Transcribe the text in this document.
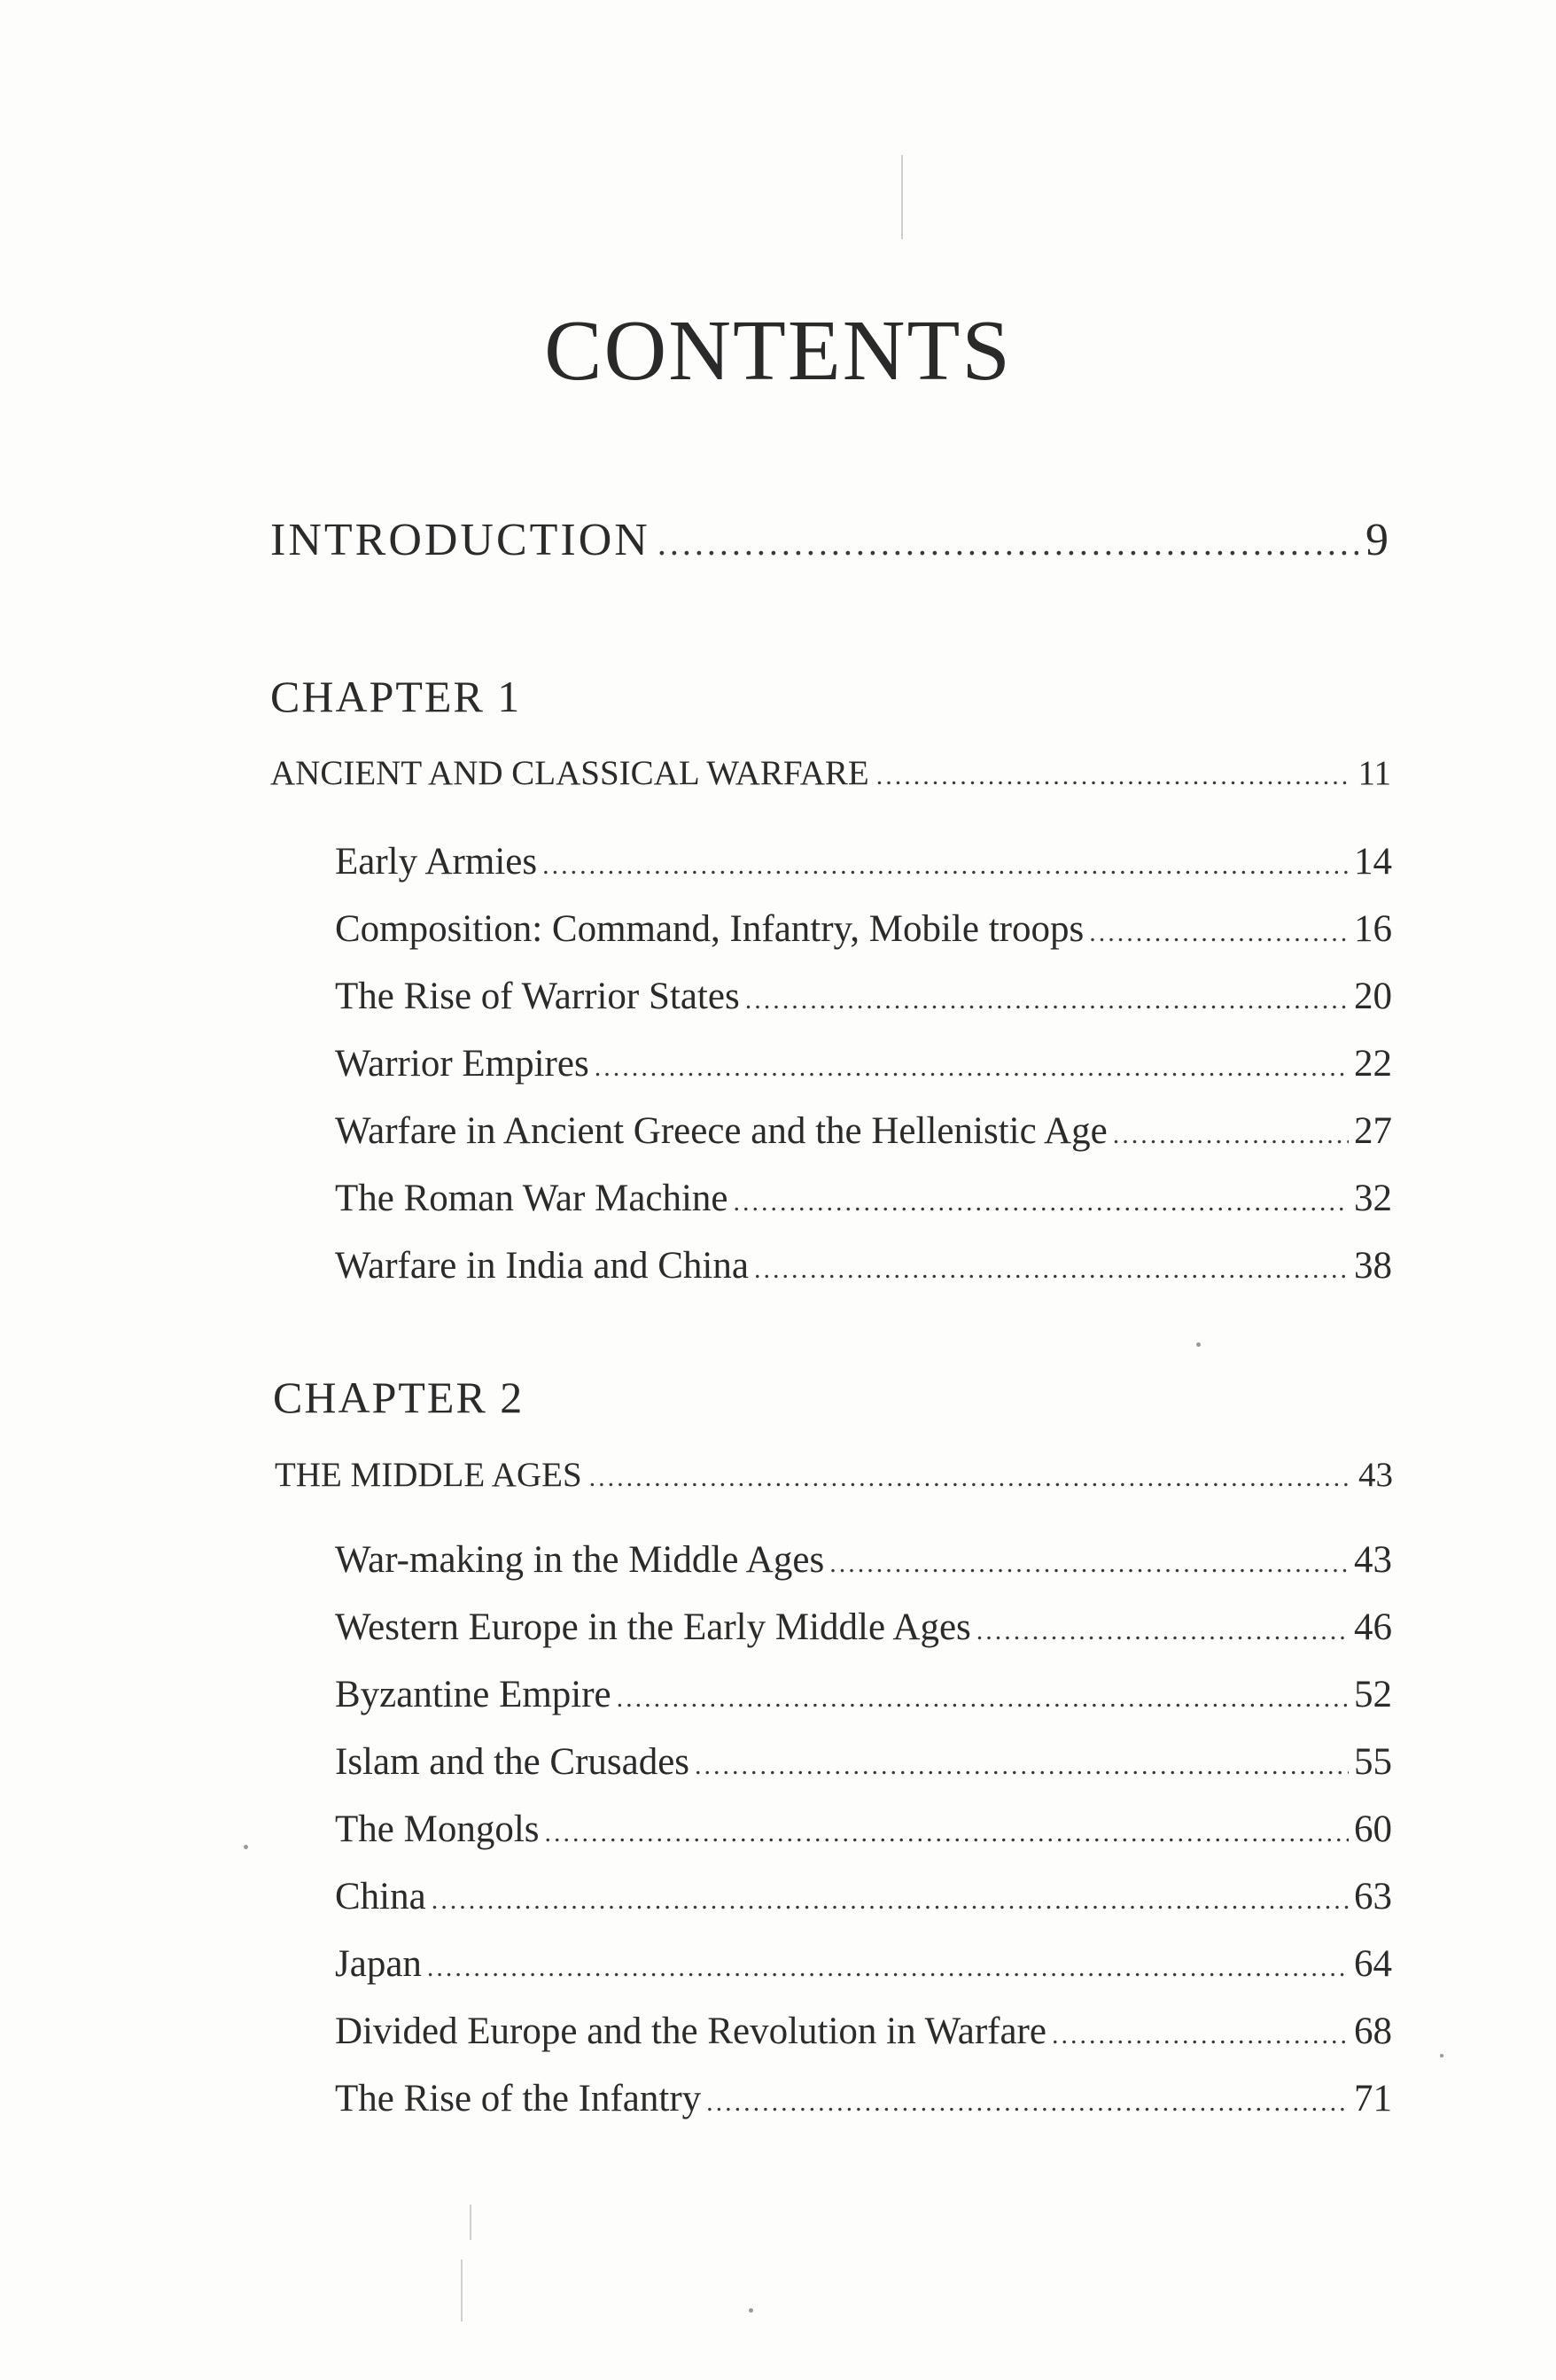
CONTENTS
INTRODUCTION .....	9
CHAPTER 1
ANCIENT AND CLASSICAL WARFARE .....	11
Early Armies .....	14
Composition: Command, Infantry, Mobile troops .....	16
The Rise of Warrior States .....	20
Warrior Empires .....	22
Warfare in Ancient Greece and the Hellenistic Age .....	27
The Roman War Machine .....	32
Warfare in India and China .....	38
CHAPTER 2
THE MIDDLE AGES .....	43
War-making in the Middle Ages .....	43
Western Europe in the Early Middle Ages .....	46
Byzantine Empire .....	52
Islam and the Crusades .....	55
The Mongols .....	60
China .....	63
Japan .....	64
Divided Europe and the Revolution in Warfare .....	68
The Rise of the Infantry .....	71
